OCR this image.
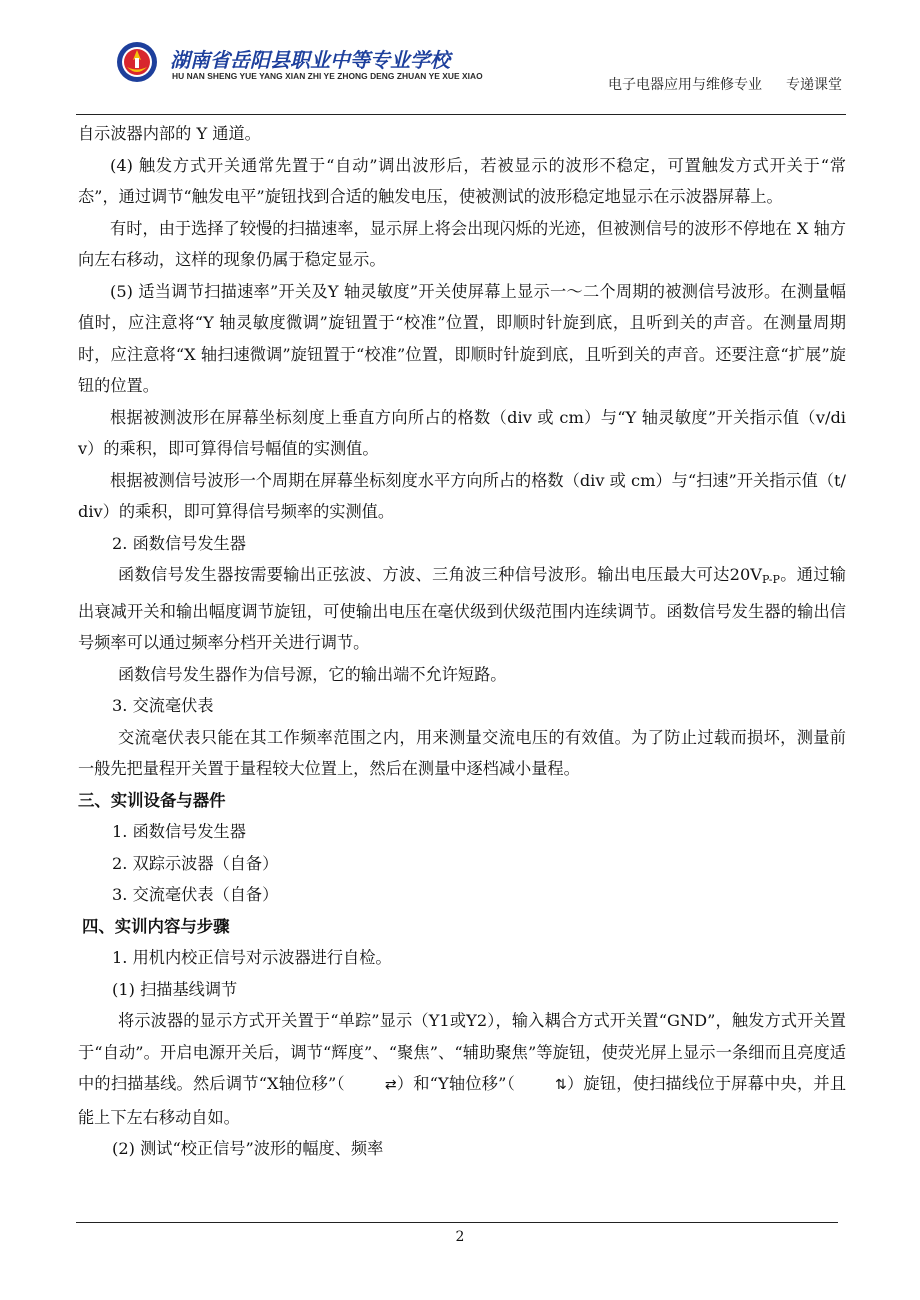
湖南省岳阳县职业中等专业学校
HU NAN SHENG YUE YANG XIAN ZHI YE ZHONG DENG ZHUAN YE XUE XIAO
电子电器应用与维修专业 专递课堂

自示波器内部的 Y 通道。

(4) 触发方式开关通常先置于“自动”调出波形后，若被显示的波形不稳定，可置触发方式开关于“常态”，通过调节“触发电平”旋钮找到合适的触发电压，使被测试的波形稳定地显示在示波器屏幕上。

有时，由于选择了较慢的扫描速率，显示屏上将会出现闪烁的光迹，但被测信号的波形不停地在 X 轴方向左右移动，这样的现象仍属于稳定显示。

(5) 适当调节扫描速率”开关及Y 轴灵敏度”开关使屏幕上显示一～二个周期的被测信号波形。在测量幅值时，应注意将“Y 轴灵敏度微调”旋钮置于“校准”位置，即顺时针旋到底，且听到关的声音。在测量周期时，应注意将“X 轴扫速微调”旋钮置于“校准”位置，即顺时针旋到底，且听到关的声音。还要注意“扩展”旋钮的位置。

根据被测波形在屏幕坐标刻度上垂直方向所占的格数（div 或 cm）与“Y 轴灵敏度”开关指示值（v/div）的乘积，即可算得信号幅值的实测值。

根据被测信号波形一个周期在屏幕坐标刻度水平方向所占的格数（div 或 cm）与“扫速”开关指示值（t/div）的乘积，即可算得信号频率的实测值。

2. 函数信号发生器

函数信号发生器按需要输出正弦波、方波、三角波三种信号波形。输出电压最大可达$20V_{P-P}$。通过输出衰减开关和输出幅度调节旋钮，可使输出电压在毫伏级到伏级范围内连续调节。函数信号发生器的输出信号频率可以通过频率分档开关进行调节。

函数信号发生器作为信号源，它的输出端不允许短路。

3. 交流毫伏表

交流毫伏表只能在其工作频率范围之内，用来测量交流电压的有效值。为了防止过载而损坏，测量前一般先把量程开关置于量程较大位置上，然后在测量中逐档减小量程。

三、实训设备与器件

1. 函数信号发生器

2. 双踪示波器（自备）

3. 交流毫伏表（自备）

四、实训内容与步骤

1. 用机内校正信号对示波器进行自检。

(1) 扫描基线调节

将示波器的显示方式开关置于“单踪”显示（Y1或Y2），输入耦合方式开关置“GND”，触发方式开关置于“自动”。开启电源开关后，调节“辉度”、“聚焦”、“辅助聚焦”等旋钮，使荧光屏上显示一条细而且亮度适中的扫描基线。然后调节“X轴位移”（	⇄）和“Y轴位移”（	⇅）旋钮，使扫描线位于屏幕中央，并且能上下左右移动自如。

(2) 测试“校正信号”波形的幅度、频率

2
